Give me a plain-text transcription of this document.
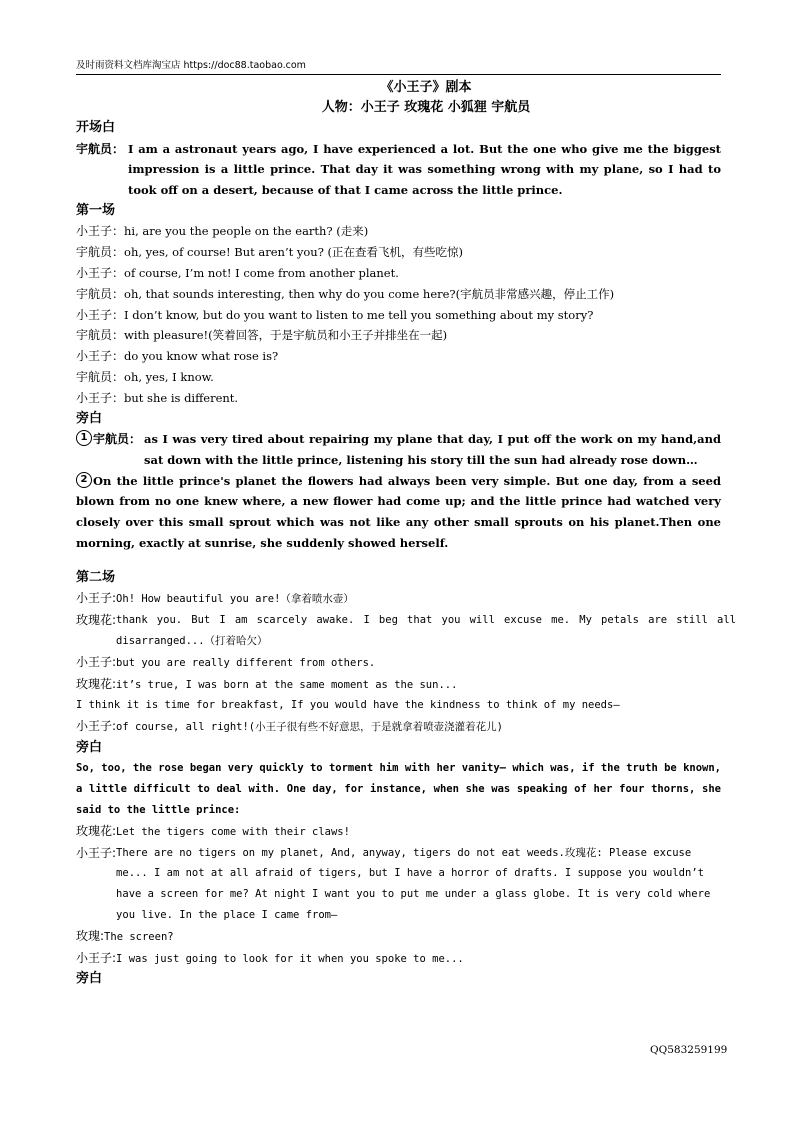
及时雨资料文档库淘宝店 https://doc88.taobao.com
《小王子》剧本
人物：小王子 玫瑰花 小狐狸 宇航员
开场白
宇航员： I am a astronaut years ago, I have experienced a lot. But the one who give me the biggest impression is a little prince. That day it was something wrong with my plane, so I had to took off on a desert, because of that I came across the little prince.
第一场
小王子：hi, are you the people on the earth? (走来)
宇航员：oh, yes, of course! But aren’t you? (正在查看飞机，有些吃惊)
小王子：of course, I’m not! I come from another planet.
宇航员：oh, that sounds interesting, then why do you come here?(宇航员非常感兴趣，停止工作)
小王子：I don’t know, but do you want to listen to me tell you something about my story?
宇航员：with pleasure!(笑着回答，于是宇航员和小王子并排坐在一起)
小王子：do you know what rose is?
宇航员：oh, yes, I know.
小王子：but she is different.
旁白
1 宇航员： as I was very tired about repairing my plane that day, I put off the work on my hand,and sat down with the little prince, listening his story till the sun had already rose down…
2 On the little prince's planet the flowers had always been very simple. But one day, from a seed blown from no one knew where, a new flower had come up; and the little prince had watched very closely over this small sprout which was not like any other small sprouts on his planet.Then one morning, exactly at sunrise, she suddenly showed herself.
第二场
小王子:Oh! How beautiful you are!（拿着喷水壶）
玫瑰花: thank you. But I am scarcely awake. I beg that you will excuse me. My petals are still all disarranged...（打着哈欠）
小王子:but you are really different from others.
玫瑰花:it’s true, I was born at the same moment as the sun...
I think it is time for breakfast, If you would have the kindness to think of my needs—
小王子:of course, all right!(小王子很有些不好意思，于是就拿着喷壶浇灌着花儿)
旁白
So, too, the rose began very quickly to torment him with her vanity— which was, if the truth be known, a little difficult to deal with. One day, for instance, when she was speaking of her four thorns, she said to the little prince:
玫瑰花:Let the tigers come with their claws!
小王子: There are no tigers on my planet, And, anyway, tigers do not eat weeds.玫瑰花: Please excuse me... I am not at all afraid of tigers, but I have a horror of drafts. I suppose you wouldn’t have a screen for me? At night I want you to put me under a glass globe. It is very cold where you live. In the place I came from—
玫瑰:The screen?
小王子:I was just going to look for it when you spoke to me...
旁白
QQ583259199
